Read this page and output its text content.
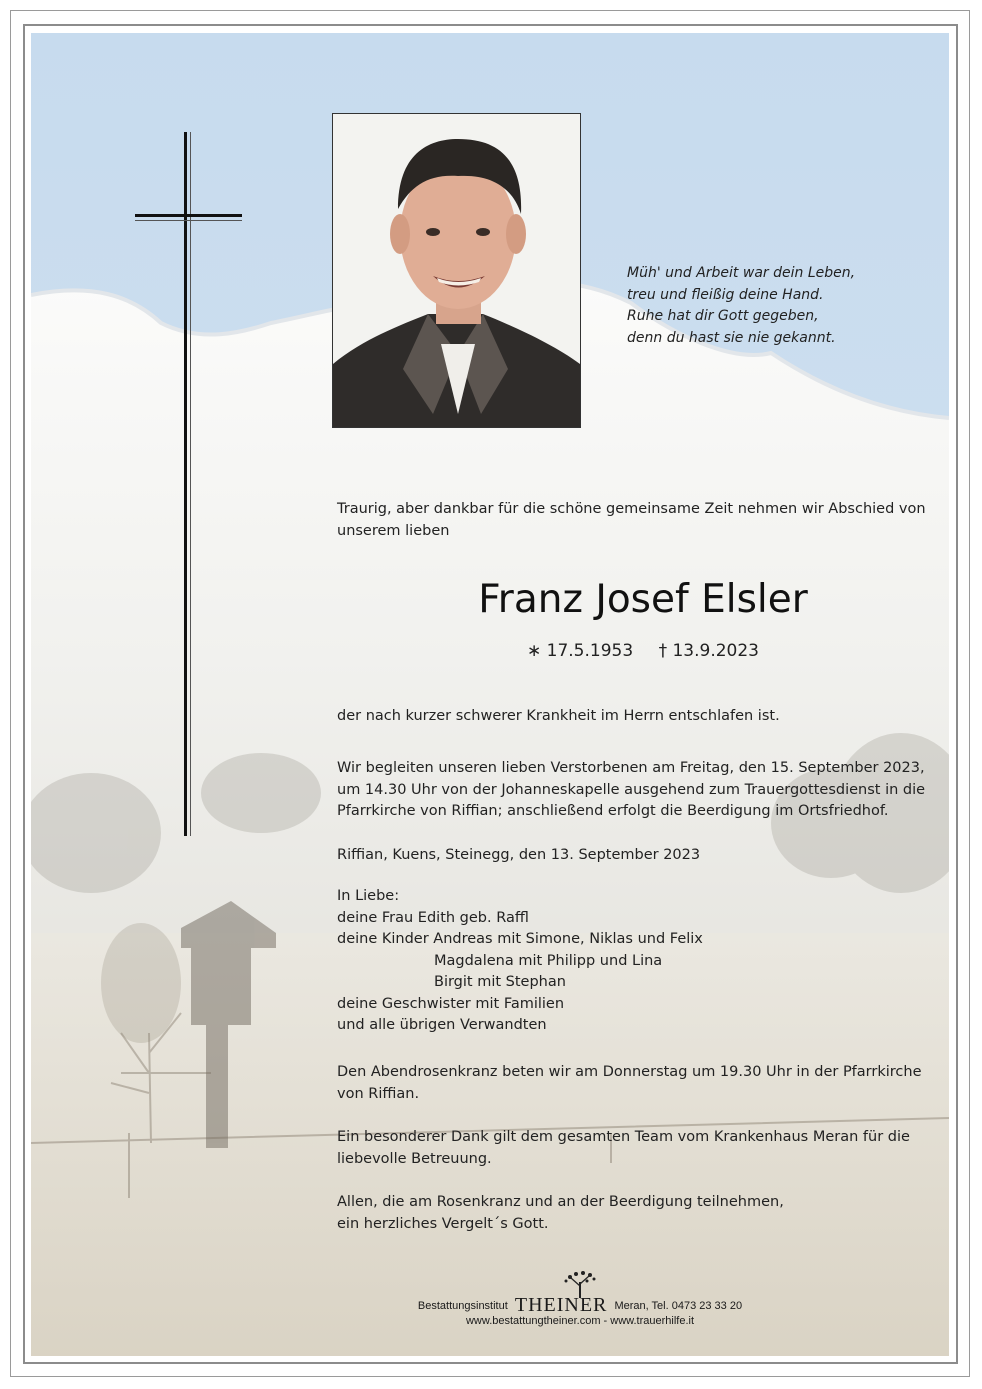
Müh' und Arbeit war dein Leben,
treu und fleißig deine Hand.
Ruhe hat dir Gott gegeben,
denn du hast sie nie gekannt.
Traurig, aber dankbar für die schöne gemeinsame Zeit nehmen wir Abschied von
unserem lieben
Franz Josef Elsler
∗ 17.5.1953 † 13.9.2023
der nach kurzer schwerer Krankheit im Herrn entschlafen ist.
Wir begleiten unseren lieben Verstorbenen am Freitag, den 15. September 2023,
um 14.30 Uhr von der Johanneskapelle ausgehend zum Trauergottesdienst in die
Pfarrkirche von Riffian; anschließend erfolgt die Beerdigung im Ortsfriedhof.
Riffian, Kuens, Steinegg, den 13. September 2023
In Liebe:
deine Frau Edith geb. Raffl
deine Kinder Andreas mit Simone, Niklas und Felix
Magdalena mit Philipp und Lina
Birgit mit Stephan
deine Geschwister mit Familien
und alle übrigen Verwandten
Den Abendrosenkranz beten wir am Donnerstag um 19.30 Uhr in der Pfarrkirche
von Riffian.
Ein besonderer Dank gilt dem gesamten Team vom Krankenhaus Meran für die
liebevolle Betreuung.
Allen, die am Rosenkranz und an der Beerdigung teilnehmen,
ein herzliches Vergelt´s Gott.
Bestattungsinstitut THEINER Meran, Tel. 0473 23 33 20
www.bestattungtheiner.com - www.trauerhilfe.it
